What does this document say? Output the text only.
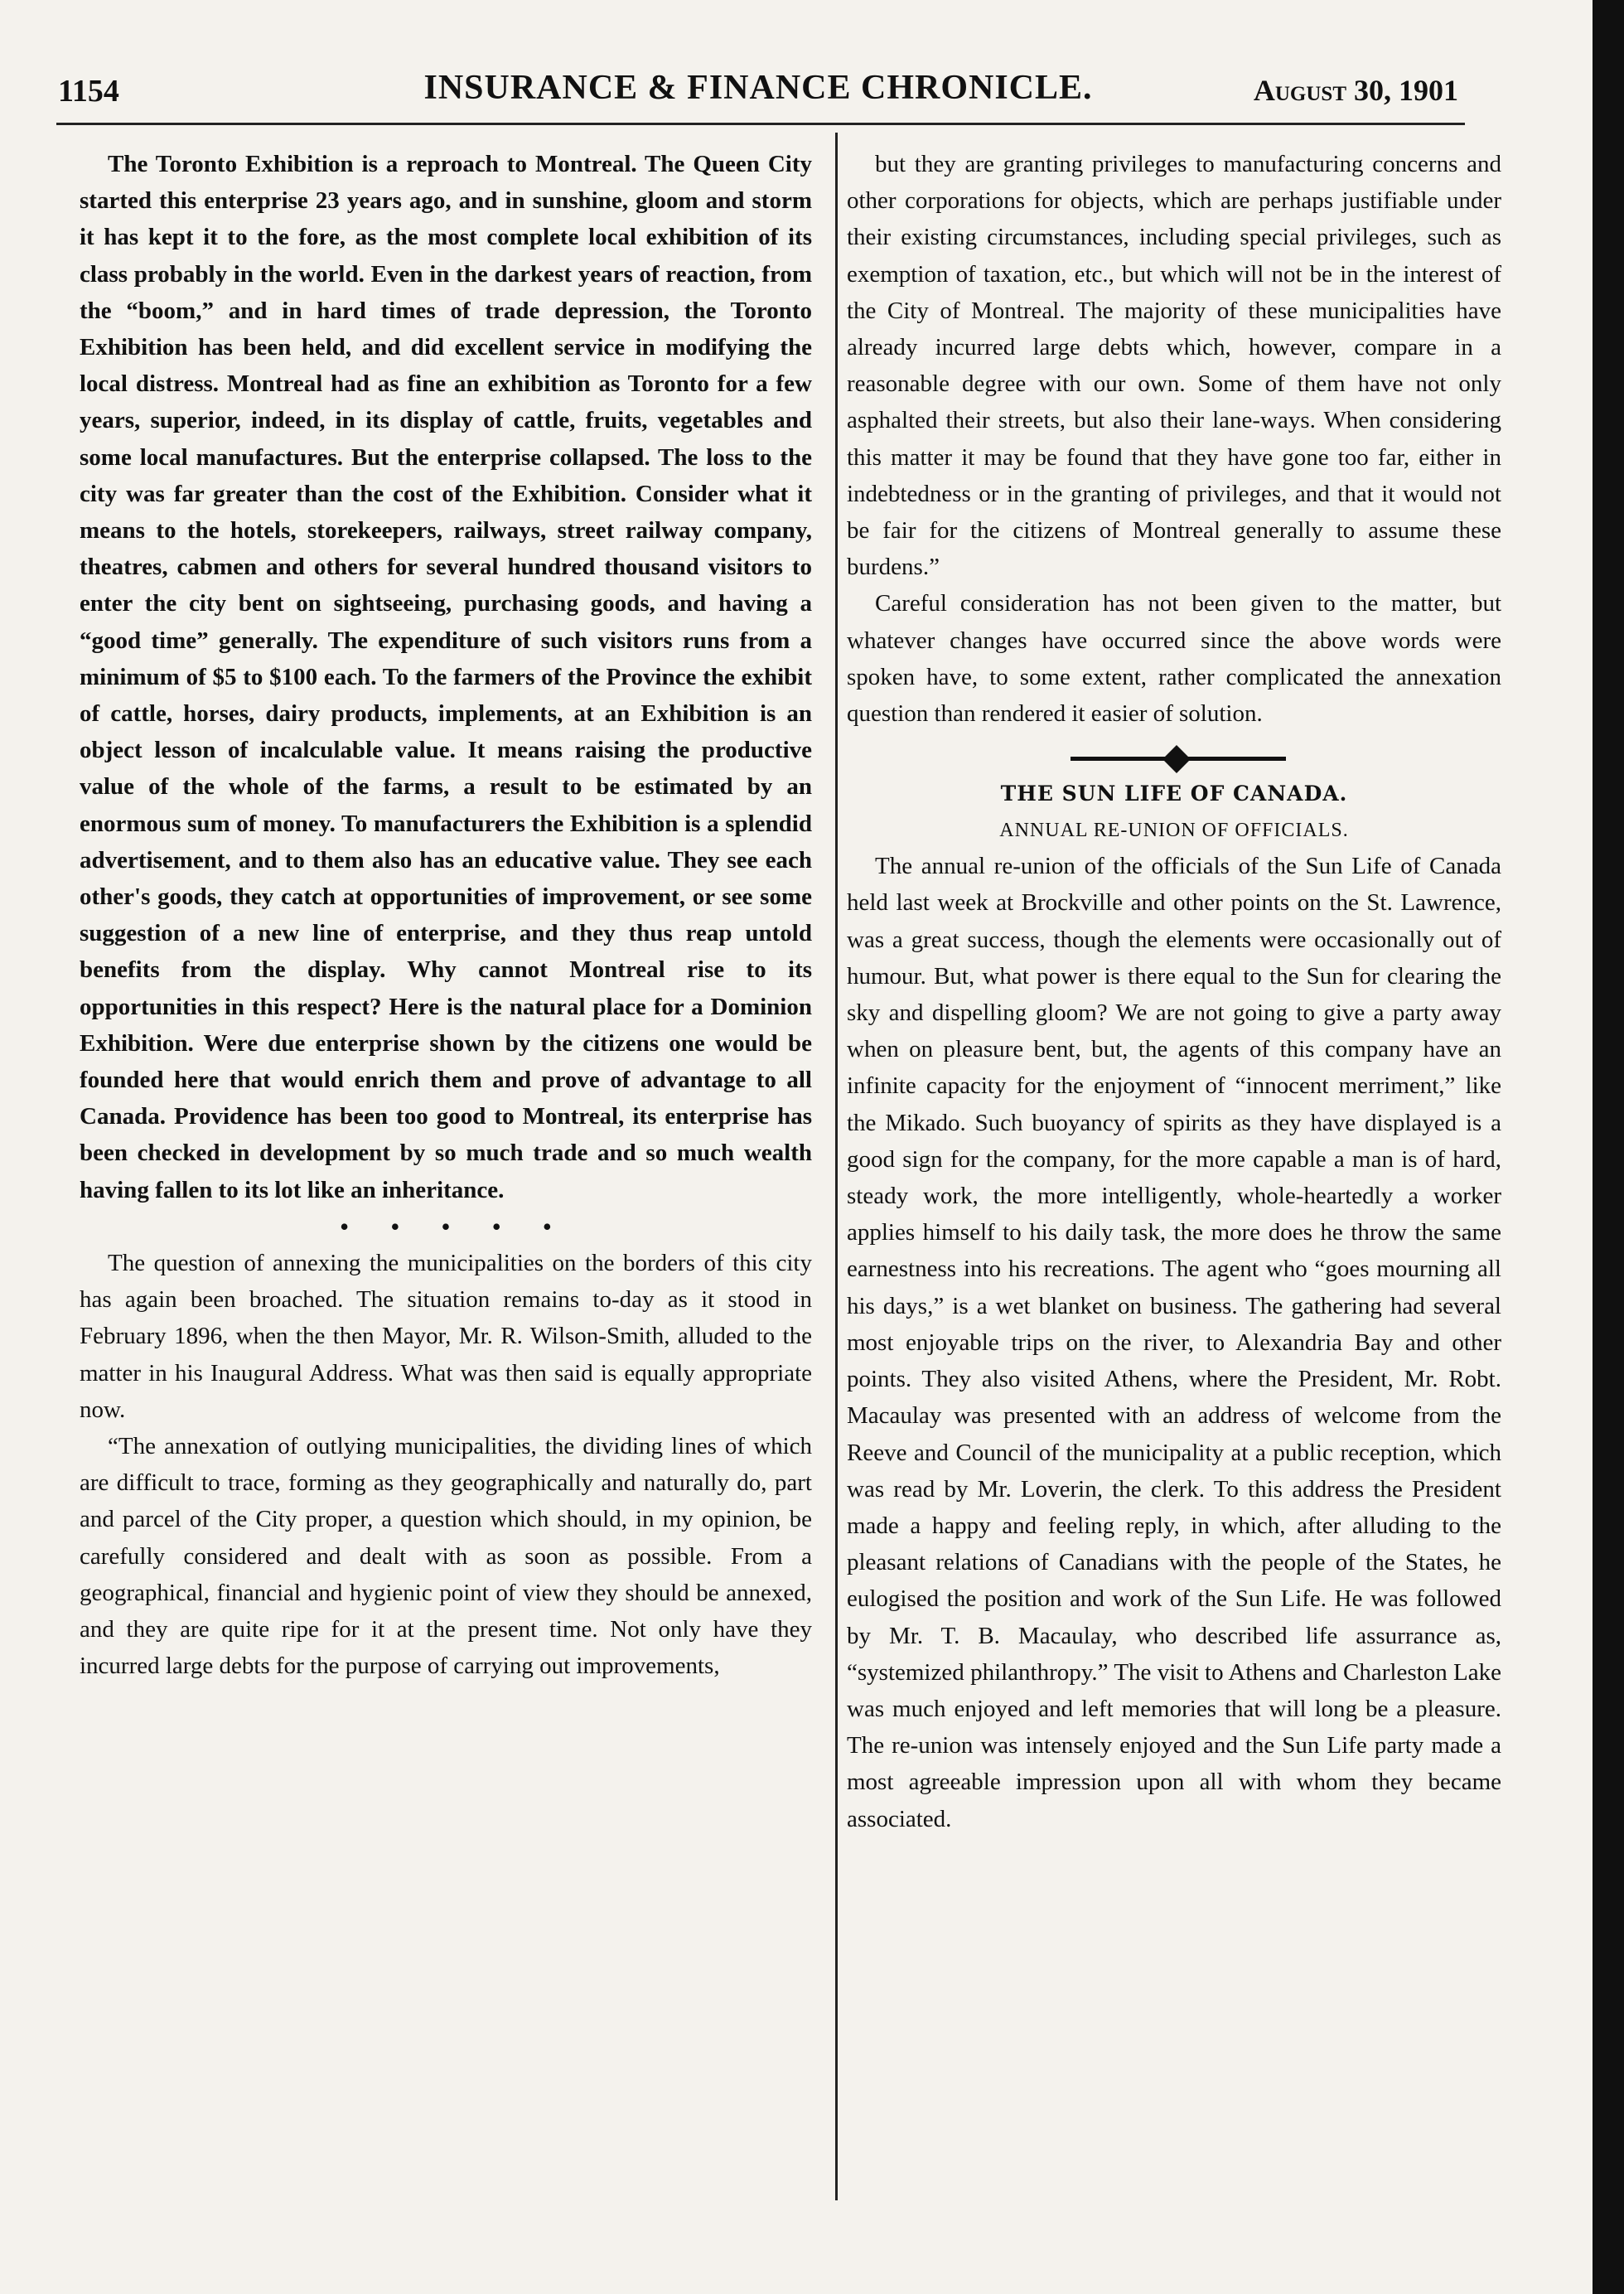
1154	INSURANCE & FINANCE CHRONICLE.	August 30, 1901

The Toronto Exhibition is a reproach to Montreal. The Queen City started this enterprise 23 years ago, and in sunshine, gloom and storm it has kept it to the fore, as the most complete local exhibition of its class probably in the world. Even in the darkest years of reaction, from the “boom,” and in hard times of trade depression, the Toronto Exhibition has been held, and did excellent service in modifying the local distress. Montreal had as fine an exhibition as Toronto for a few years, superior, indeed, in its display of cattle, fruits, vegetables and some local manufactures. But the enterprise collapsed. The loss to the city was far greater than the cost of the Exhibition. Consider what it means to the hotels, storekeepers, railways, street railway company, theatres, cabmen and others for several hundred thousand visitors to enter the city bent on sightseeing, purchasing goods, and having a “good time” generally. The expenditure of such visitors runs from a minimum of $5 to $100 each. To the farmers of the Province the exhibit of cattle, horses, dairy products, implements, at an Exhibition is an object lesson of incalculable value. It means raising the productive value of the whole of the farms, a result to be estimated by an enormous sum of money. To manufacturers the Exhibition is a splendid advertisement, and to them also has an educative value. They see each other's goods, they catch at opportunities of improvement, or see some suggestion of a new line of enterprise, and they thus reap untold benefits from the display. Why cannot Montreal rise to its opportunities in this respect? Here is the natural place for a Dominion Exhibition. Were due enterprise shown by the citizens one would be founded here that would enrich them and prove of advantage to all Canada. Providence has been too good to Montreal, its enterprise has been checked in development by so much trade and so much wealth having fallen to its lot like an inheritance.

•••••

The question of annexing the municipalities on the borders of this city has again been broached. The situation remains to-day as it stood in February 1896, when the then Mayor, Mr. R. Wilson-Smith, alluded to the matter in his Inaugural Address. What was then said is equally appropriate now.

“The annexation of outlying municipalities, the dividing lines of which are difficult to trace, forming as they geographically and naturally do, part and parcel of the City proper, a question which should, in my opinion, be carefully considered and dealt with as soon as possible. From a geographical, financial and hygienic point of view they should be annexed, and they are quite ripe for it at the present time. Not only have they incurred large debts for the purpose of carrying out improvements,

but they are granting privileges to manufacturing concerns and other corporations for objects, which are perhaps justifiable under their existing circumstances, including special privileges, such as exemption of taxation, etc., but which will not be in the interest of the City of Montreal. The majority of these municipalities have already incurred large debts which, however, compare in a reasonable degree with our own. Some of them have not only asphalted their streets, but also their lane-ways. When considering this matter it may be found that they have gone too far, either in indebtedness or in the granting of privileges, and that it would not be fair for the citizens of Montreal generally to assume these burdens.”

Careful consideration has not been given to the matter, but whatever changes have occurred since the above words were spoken have, to some extent, rather complicated the annexation question than rendered it easier of solution.

THE SUN LIFE OF CANADA.
ANNUAL RE-UNION OF OFFICIALS.

The annual re-union of the officials of the Sun Life of Canada held last week at Brockville and other points on the St. Lawrence, was a great success, though the elements were occasionally out of humour. But, what power is there equal to the Sun for clearing the sky and dispelling gloom? We are not going to give a party away when on pleasure bent, but, the agents of this company have an infinite capacity for the enjoyment of “innocent merriment,” like the Mikado. Such buoyancy of spirits as they have displayed is a good sign for the company, for the more capable a man is of hard, steady work, the more intelligently, whole-heartedly a worker applies himself to his daily task, the more does he throw the same earnestness into his recreations. The agent who “goes mourning all his days,” is a wet blanket on business. The gathering had several most enjoyable trips on the river, to Alexandria Bay and other points. They also visited Athens, where the President, Mr. Robt. Macaulay was presented with an address of welcome from the Reeve and Council of the municipality at a public reception, which was read by Mr. Loverin, the clerk. To this address the President made a happy and feeling reply, in which, after alluding to the pleasant relations of Canadians with the people of the States, he eulogised the position and work of the Sun Life. He was followed by Mr. T. B. Macaulay, who described life assurrance as, “systemized philanthropy.” The visit to Athens and Charleston Lake was much enjoyed and left memories that will long be a pleasure. The re-union was intensely enjoyed and the Sun Life party made a most agreeable impression upon all with whom they became associated.
